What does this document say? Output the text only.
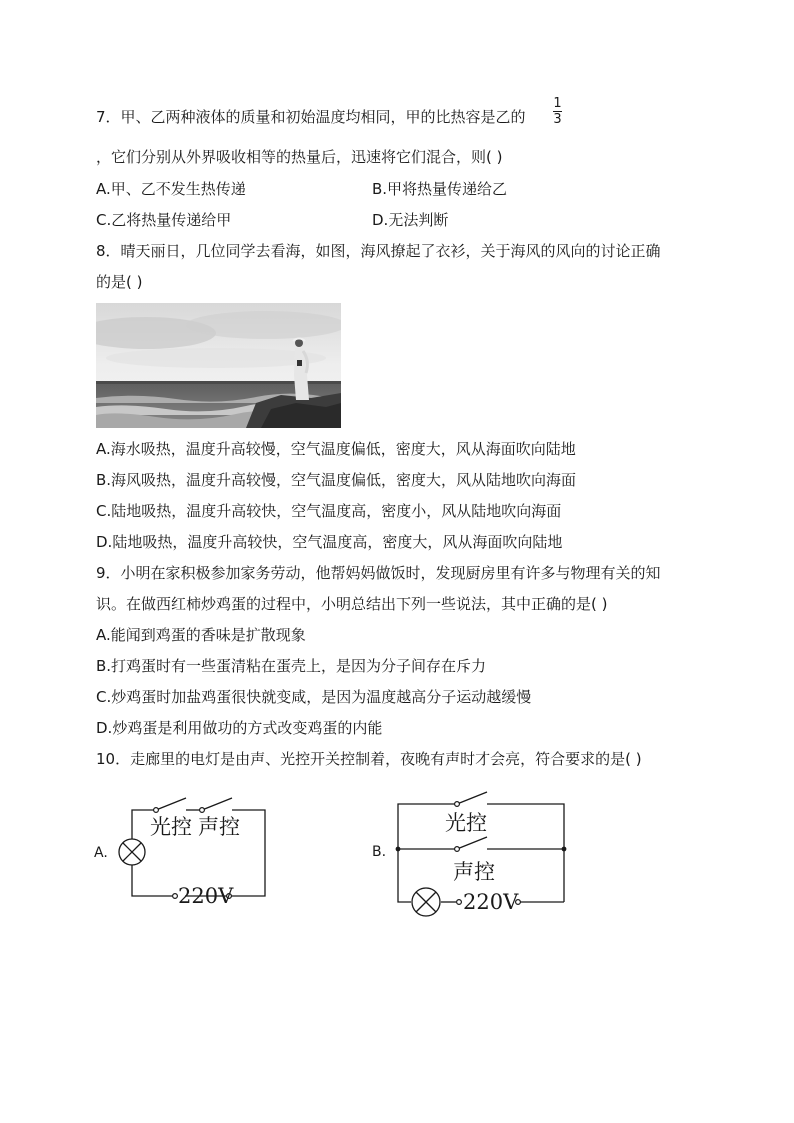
7．甲、乙两种液体的质量和初始温度均相同，甲的比热容是乙的
1
3
，它们分别从外界吸收相等的热量后，迅速将它们混合，则( )
A.甲、乙不发生热传递	B.甲将热量传递给乙
C.乙将热量传递给甲	D.无法判断
8．晴天丽日，几位同学去看海，如图，海风撩起了衣衫，关于海风的风向的讨论正确
的是( )
A.海水吸热，温度升高较慢，空气温度偏低，密度大，风从海面吹向陆地
B.海风吸热，温度升高较慢，空气温度偏低，密度大，风从陆地吹向海面
C.陆地吸热，温度升高较快，空气温度高，密度小，风从陆地吹向海面
D.陆地吸热，温度升高较快，空气温度高，密度大，风从海面吹向陆地
9．小明在家积极参加家务劳动，他帮妈妈做饭时，发现厨房里有许多与物理有关的知
识。在做西红柿炒鸡蛋的过程中，小明总结出下列一些说法，其中正确的是( )
A.能闻到鸡蛋的香味是扩散现象
B.打鸡蛋时有一些蛋清粘在蛋壳上，是因为分子间存在斥力
C.炒鸡蛋时加盐鸡蛋很快就变咸，是因为温度越高分子运动越缓慢
D.炒鸡蛋是利用做功的方式改变鸡蛋的内能
10．走廊里的电灯是由声、光控开关控制着，夜晚有声时才会亮，符合要求的是( )
A.
光控 声控
220V
B.
光控
声控
220V
